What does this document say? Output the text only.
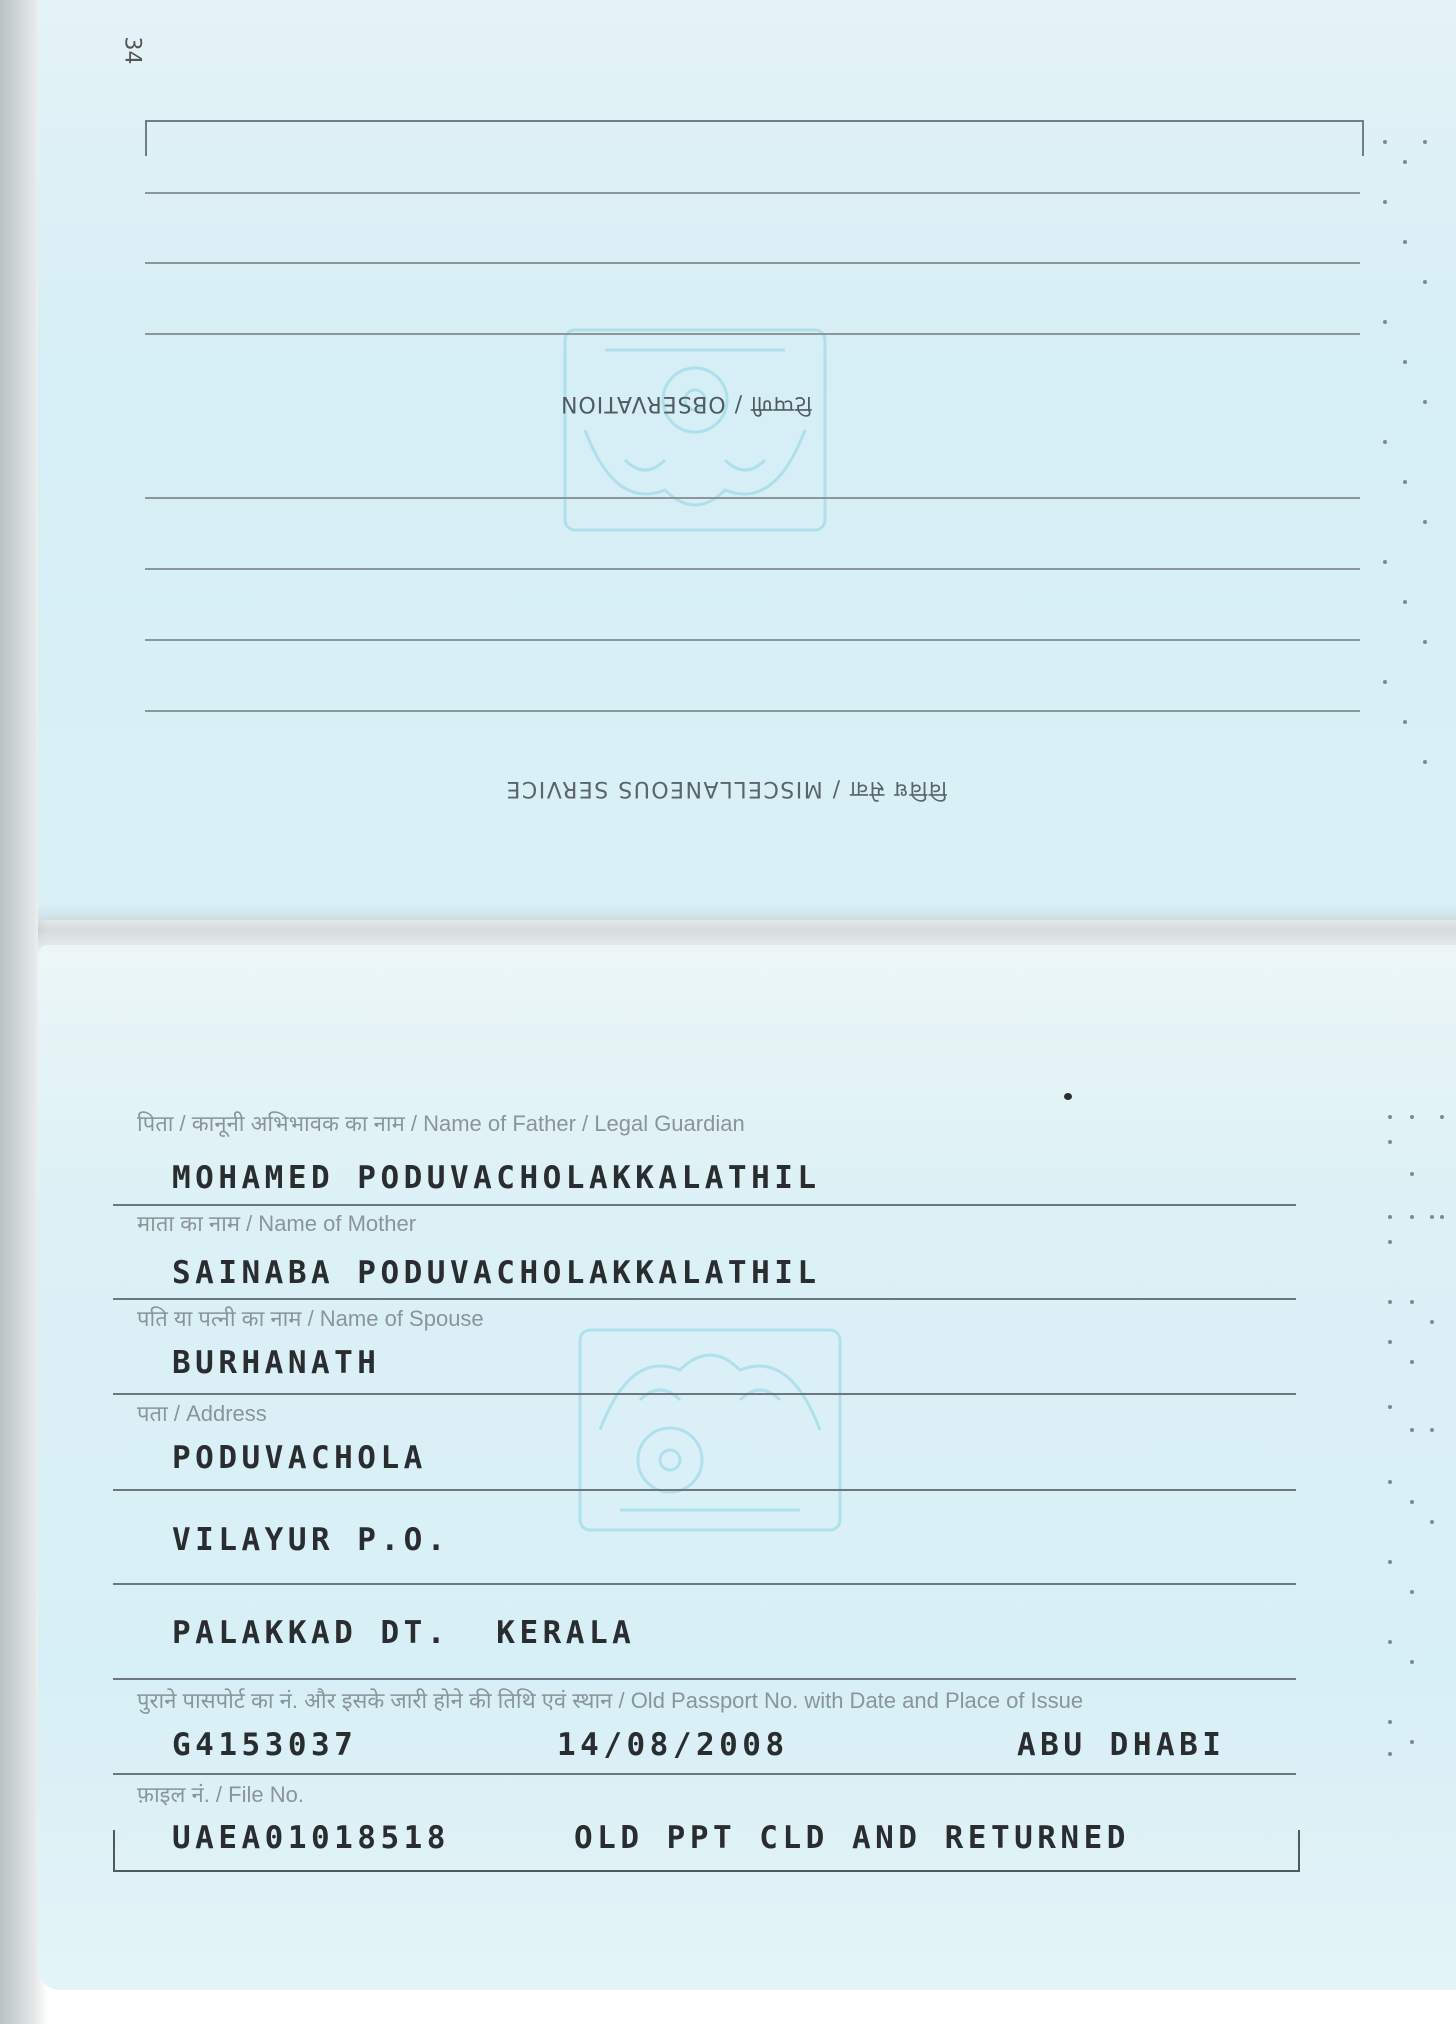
34
टिप्पणी / OBSERVATION
विविध सेवा / MISCELLANEOUS SERVICE
पिता / कानूनी अभिभावक का नाम / Name of Father / Legal Guardian
MOHAMED PODUVACHOLAKKALATHIL
माता का नाम / Name of Mother
SAINABA PODUVACHOLAKKALATHIL
पति या पत्नी का नाम / Name of Spouse
BURHANATH
पता / Address
PODUVACHOLA
VILAYUR P.O.
PALAKKAD DT.  KERALA
पुराने पासपोर्ट का नं. और इसके जारी होने की तिथि एवं स्थान / Old Passport No. with Date and Place of Issue
G4153037	14/08/2008	ABU DHABI
फ़ाइल नं. / File No.
UAEA01018518	OLD PPT CLD AND RETURNED
